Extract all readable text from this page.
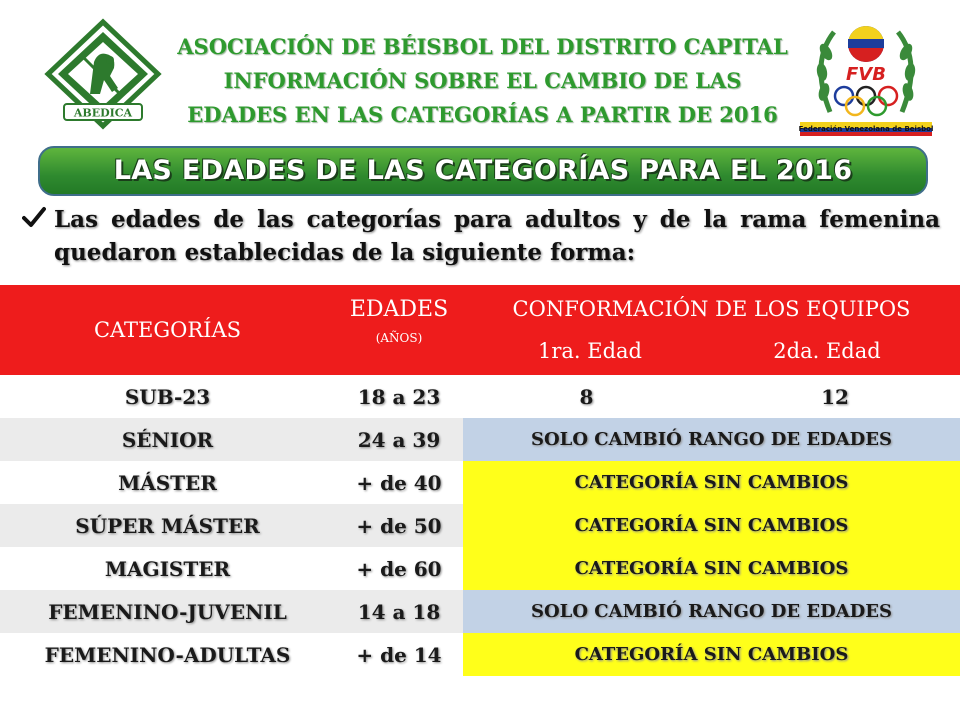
ABEDICA
ASOCIACIÓN DE BÉISBOL DEL DISTRITO CAPITAL
INFORMACIÓN SOBRE EL CAMBIO DE LAS
EDADES EN LAS CATEGORÍAS A PARTIR DE 2016
FVB
Federación Venezolana de Beisbol
LAS EDADES DE LAS CATEGORÍAS PARA EL 2016
Las edades de las categorías para adultos y de la rama femenina quedaron establecidas de la siguiente forma:
CATEGORÍAS
EDADES
(AÑOS)
CONFORMACIÓN DE LOS EQUIPOS
1ra. Edad	2da. Edad
SUB-23	18 a 23	8	12
SÉNIOR	24 a 39	SOLO CAMBIÓ RANGO DE EDADES
MÁSTER	+ de 40	CATEGORÍA SIN CAMBIOS
SÚPER MÁSTER	+ de 50	CATEGORÍA SIN CAMBIOS
MAGISTER	+ de 60	CATEGORÍA SIN CAMBIOS
FEMENINO-JUVENIL	14 a 18	SOLO CAMBIÓ RANGO DE EDADES
FEMENINO-ADULTAS	+ de 14	CATEGORÍA SIN CAMBIOS
